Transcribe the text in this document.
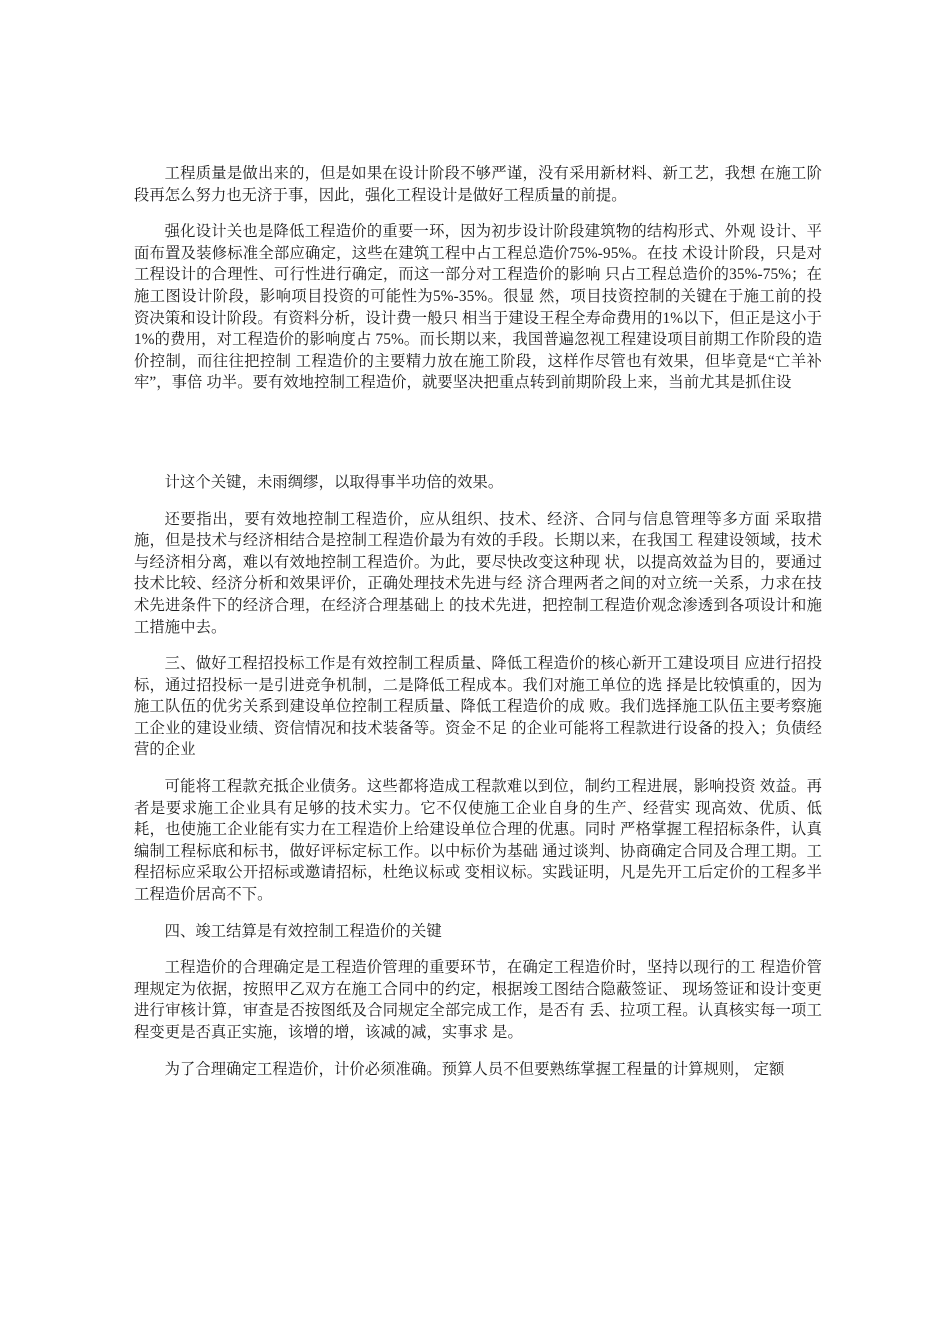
工程质量是做出来的，但是如果在设计阶段不够严谨，没有采用新材料、新工艺，我想 在施工阶段再怎么努力也无济于事，因此，强化工程设计是做好工程质量的前提。

强化设计关也是降低工程造价的重要一环，因为初步设计阶段建筑物的结构形式、外观 设计、平面布置及装修标准全部应确定，这些在建筑工程中占工程总造价75%-95%。在技 术设计阶段，只是对工程设计的合理性、可行性进行确定，而这一部分对工程造价的影响 只占工程总造价的35%-75%；在施工图设计阶段，影响项目投资的可能性为5%-35%。很显 然，项目技资控制的关键在于施工前的投资决策和设计阶段。有资料分析，设计费一般只 相当于建设王程全寿命费用的1%以下，但正是这小于1%的费用，对工程造价的影响度占 75%。而长期以来，我国普遍忽视工程建设项目前期工作阶段的造价控制，而往往把控制 工程造价的主要精力放在施工阶段，这样作尽管也有效果，但毕竟是“亡羊补牢”，事倍 功半。要有效地控制工程造价，就要坚决把重点转到前期阶段上来，当前尤其是抓住设

计这个关键，未雨绸缪，以取得事半功倍的效果。

还要指出，要有效地控制工程造价，应从组织、技术、经济、合同与信息管理等多方面 采取措施，但是技术与经济相结合是控制工程造价最为有效的手段。长期以来，在我国工 程建设领域，技术与经济相分离，难以有效地控制工程造价。为此，要尽快改变这种现 状，以提高效益为目的，要通过技术比较、经济分析和效果评价，正确处理技术先进与经 济合理两者之间的对立统一关系，力求在技术先进条件下的经济合理，在经济合理基础上 的技术先进，把控制工程造价观念渗透到各项设计和施工措施中去。

三、做好工程招投标工作是有效控制工程质量、降低工程造价的核心新开工建设项目 应进行招投标，通过招投标一是引进竞争机制，二是降低工程成本。我们对施工单位的选 择是比较慎重的，因为施工队伍的优劣关系到建设单位控制工程质量、降低工程造价的成 败。我们选择施工队伍主要考察施工企业的建设业绩、资信情况和技术装备等。资金不足 的企业可能将工程款进行设备的投入；负债经营的企业

可能将工程款充抵企业债务。这些都将造成工程款难以到位，制约工程进展，影响投资 效益。再者是要求施工企业具有足够的技术实力。它不仅使施工企业自身的生产、经营实 现高效、优质、低耗，也使施工企业能有实力在工程造价上给建设单位合理的优惠。同时 严格掌握工程招标条件，认真编制工程标底和标书，做好评标定标工作。以中标价为基础 通过谈判、协商确定合同及合理工期。工程招标应采取公开招标或邀请招标，杜绝议标或 变相议标。实践证明，凡是先开工后定价的工程多半工程造价居高不下。

四、竣工结算是有效控制工程造价的关键

工程造价的合理确定是工程造价管理的重要环节，在确定工程造价时，坚持以现行的工 程造价管理规定为依据，按照甲乙双方在施工合同中的约定，根据竣工图结合隐蔽签证、 现场签证和设计变更进行审核计算，审查是否按图纸及合同规定全部完成工作，是否有 丢、拉项工程。认真核实每一项工程变更是否真正实施，该增的增，该减的减，实事求 是。

为了合理确定工程造价，计价必须准确。预算人员不但要熟练掌握工程量的计算规则， 定额
